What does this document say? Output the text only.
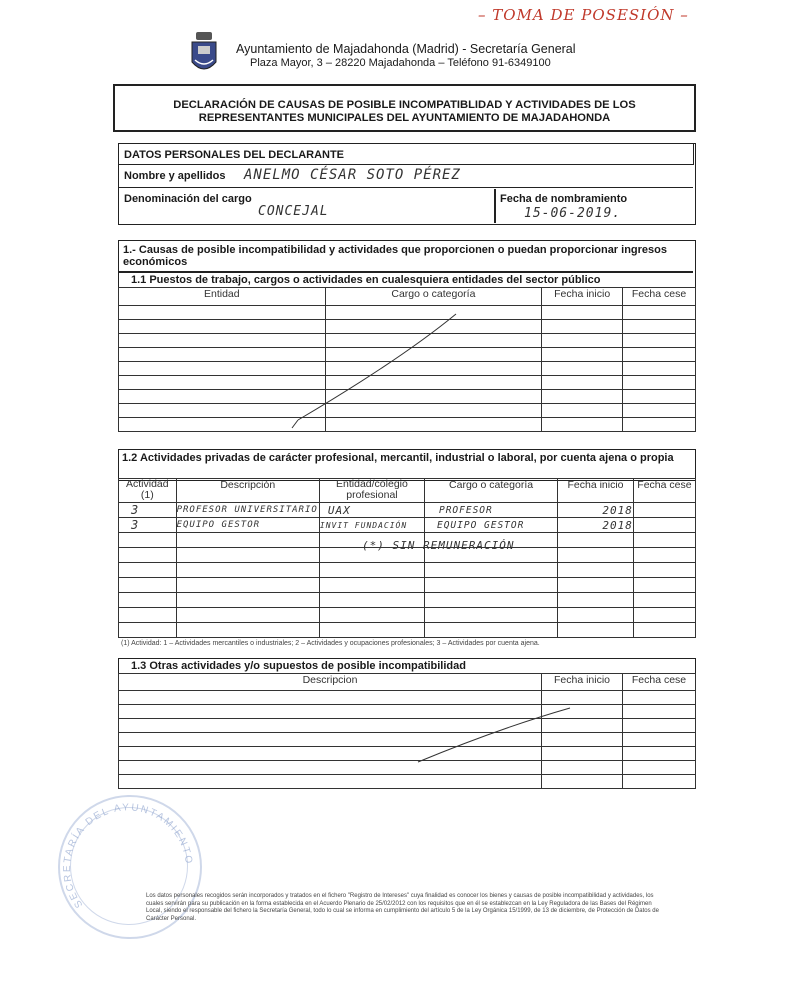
– TOMA DE POSESIÓN –
Ayuntamiento de Majadahonda (Madrid) - Secretaría General
Plaza Mayor, 3 – 28220 Majadahonda – Teléfono 91-6349100
DECLARACIÓN DE CAUSAS DE POSIBLE INCOMPATIBLIDAD Y ACTIVIDADES DE LOS
REPRESENTANTES MUNICIPALES DEL AYUNTAMIENTO DE MAJADAHONDA
DATOS PERSONALES DEL DECLARANTE
Nombre y apellidos ANELMO CÉSAR SOTO PÉREZ
Denominación del cargo
CONCEJAL
Fecha de nombramiento
15-06-2019.
1.- Causas de posible incompatibilidad y actividades que proporcionen o puedan proporcionar ingresos económicos
1.1 Puestos de trabajo, cargos o actividades en cualesquiera entidades del sector público
Entidad	Cargo o categoría	Fecha inicio	Fecha cese

1.2 Actividades privadas de carácter profesional, mercantil, industrial o laboral, por cuenta ajena o propia
Actividad (1)	Descripción	Entidad/colegio profesional	Cargo o categoría	Fecha inicio	Fecha cese
3	PROFESOR UNIVERSITARIO	UAX	PROFESOR	2018	
3	EQUIPO GESTOR	INVIT FUNDACIÓN	EQUIPO GESTOR	2018	

(*) SIN REMUNERACIÓN
(1) Actividad: 1 – Actividades mercantiles o industriales; 2 – Actividades y ocupaciones profesionales; 3 – Actividades por cuenta ajena.
1.3 Otras actividades y/o supuestos de posible incompatibilidad
Descripcion	Fecha inicio	Fecha cese

SECRETARÍA DEL AYUNTAMIENTO
Los datos personales recogidos serán incorporados y tratados en el fichero "Registro de Intereses" cuya finalidad es conocer los bienes y causas de posible incompatibilidad y actividades, los cuales servirán para su publicación en la forma establecida en el Acuerdo Plenario de 25/02/2012 con los requisitos que en él se establezcan en la Ley Reguladora de las Bases del Régimen Local, siendo el responsable del fichero la Secretaría General, todo lo cual se informa en cumplimiento del artículo 5 de la Ley Orgánica 15/1999, de 13 de diciembre, de Protección de Datos de Carácter Personal.
